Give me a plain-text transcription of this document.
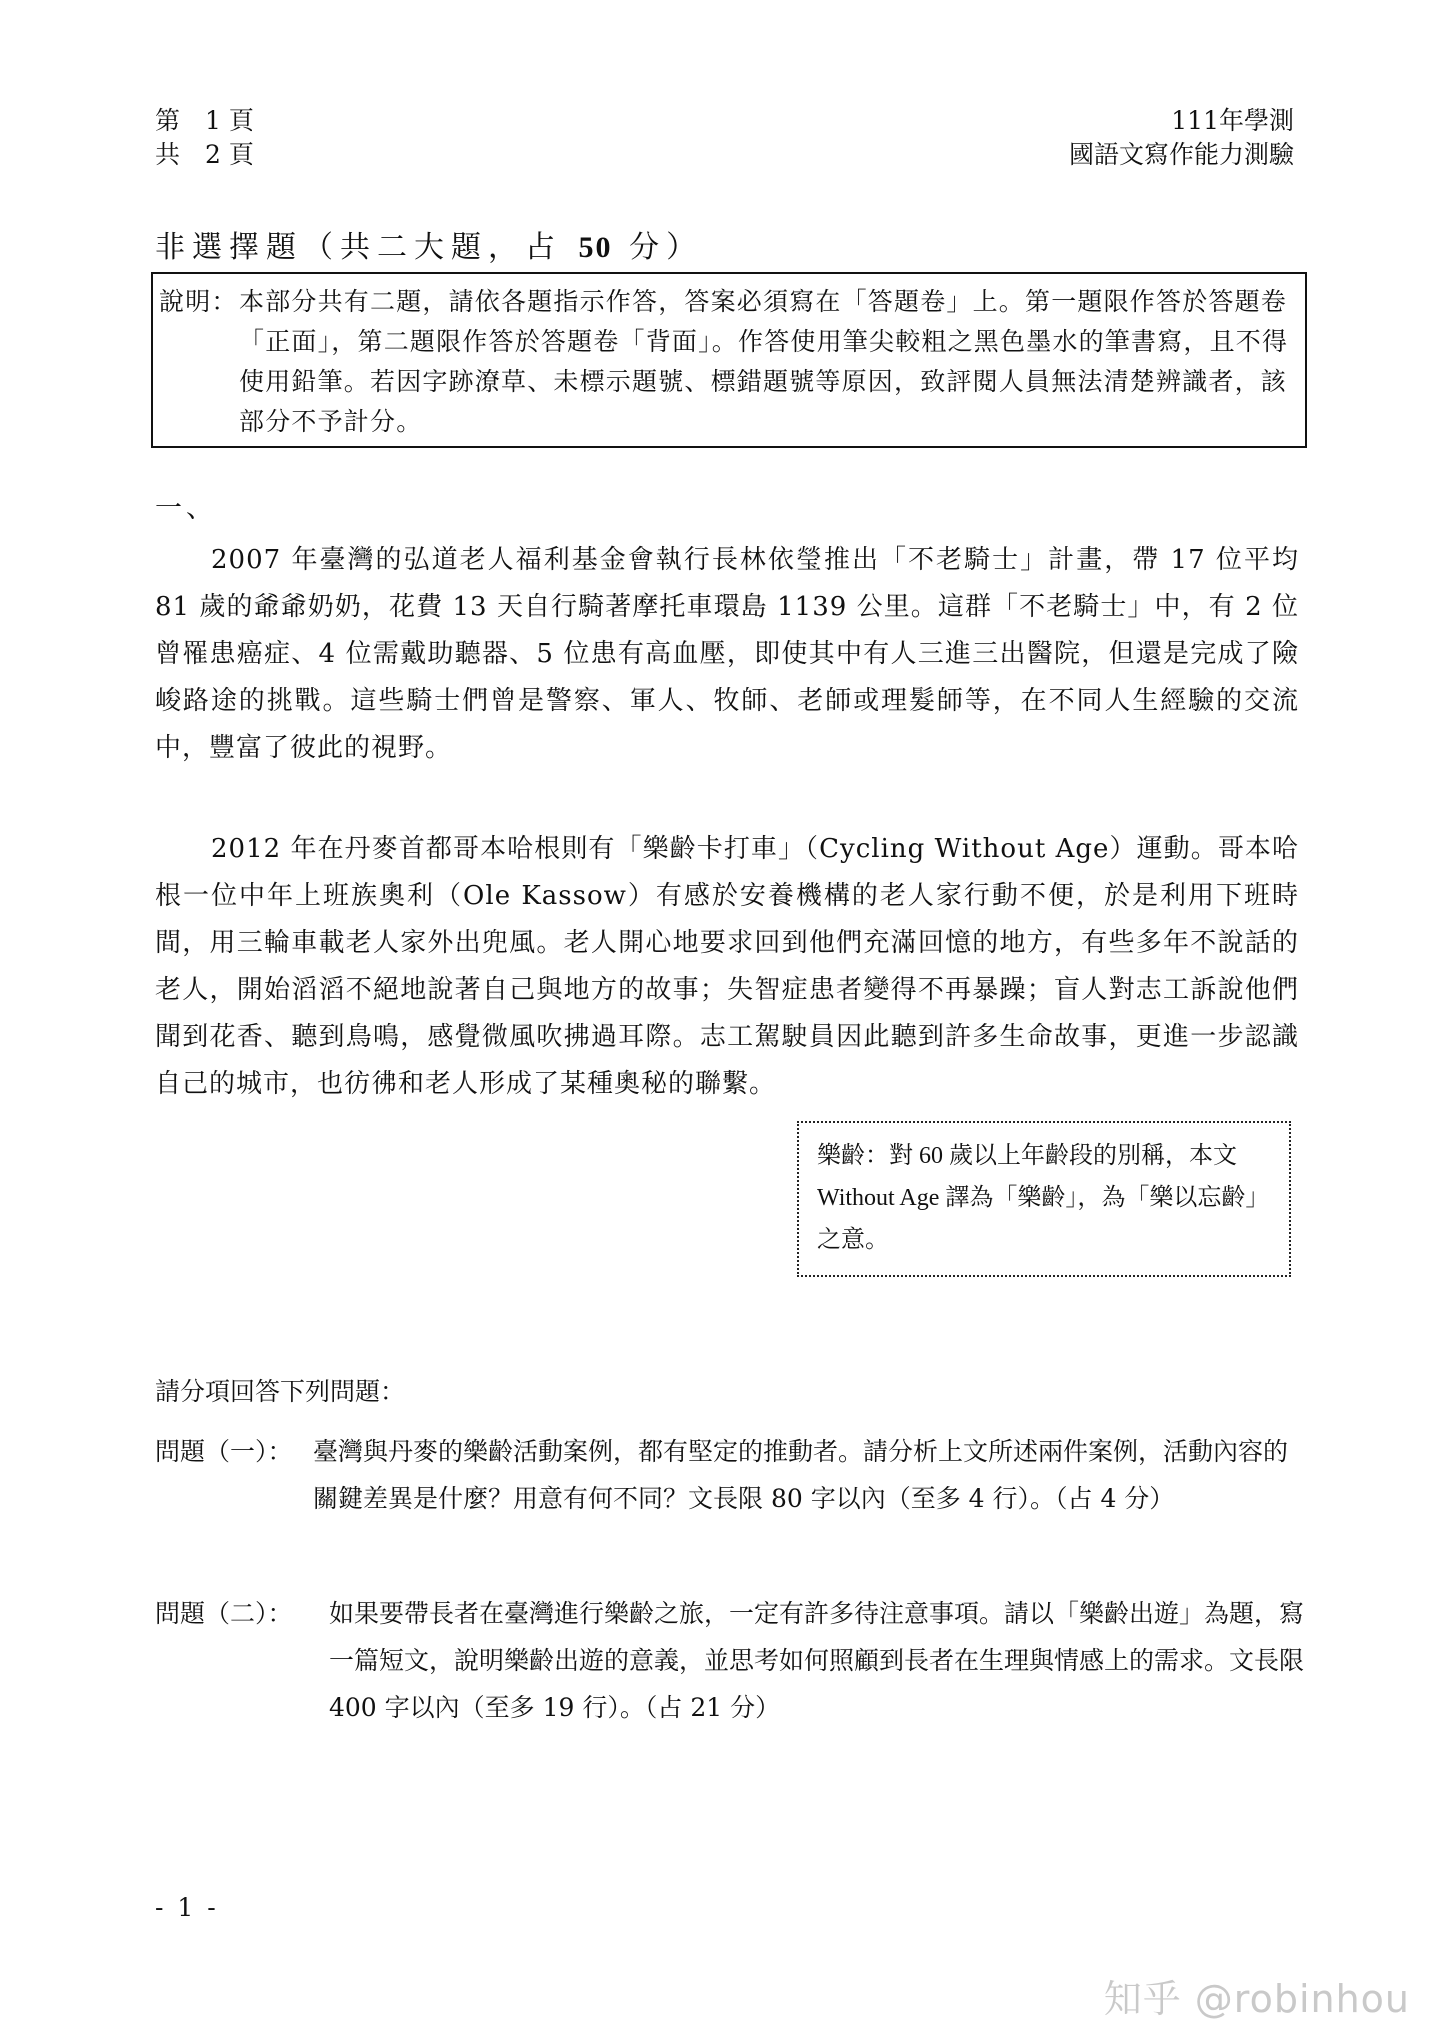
第　1 頁
共　2 頁
111年學測
國語文寫作能力測驗
非選擇題（共二大題，占 50 分）
說明： 本部分共有二題，請依各題指示作答，答案必須寫在「答題卷」上。第一題限作答於答題卷「正面」，第二題限作答於答題卷「背面」。作答使用筆尖較粗之黑色墨水的筆書寫，且不得使用鉛筆。若因字跡潦草、未標示題號、標錯題號等原因，致評閱人員無法清楚辨識者，該部分不予計分。
一、

2007 年臺灣的弘道老人福利基金會執行長林依瑩推出「不老騎士」計畫，帶 17 位平均 81 歲的爺爺奶奶，花費 13 天自行騎著摩托車環島 1139 公里。這群「不老騎士」中，有 2 位曾罹患癌症、4 位需戴助聽器、5 位患有高血壓，即使其中有人三進三出醫院，但還是完成了險峻路途的挑戰。這些騎士們曾是警察、軍人、牧師、老師或理髮師等，在不同人生經驗的交流中，豐富了彼此的視野。

2012 年在丹麥首都哥本哈根則有「樂齡卡打車」（Cycling Without Age）運動。哥本哈根一位中年上班族奧利（Ole Kassow）有感於安養機構的老人家行動不便，於是利用下班時間，用三輪車載老人家外出兜風。老人開心地要求回到他們充滿回憶的地方，有些多年不說話的老人，開始滔滔不絕地說著自己與地方的故事；失智症患者變得不再暴躁；盲人對志工訴說他們聞到花香、聽到鳥鳴，感覺微風吹拂過耳際。志工駕駛員因此聽到許多生命故事，更進一步認識自己的城市，也彷彿和老人形成了某種奧秘的聯繫。

樂齡：對 60 歲以上年齡段的別稱，本文 Without Age 譯為「樂齡」，為「樂以忘齡」之意。
請分項回答下列問題：
問題（一）： 臺灣與丹麥的樂齡活動案例，都有堅定的推動者。請分析上文所述兩件案例，活動內容的關鍵差異是什麼？用意有何不同？文長限 80 字以內（至多 4 行）。（占 4 分）
問題（二）： 如果要帶長者在臺灣進行樂齡之旅，一定有許多待注意事項。請以「樂齡出遊」為題，寫一篇短文，說明樂齡出遊的意義，並思考如何照顧到長者在生理與情感上的需求。文長限 400 字以內（至多 19 行）。（占 21 分）
- 1 -
知乎 @robinhou
